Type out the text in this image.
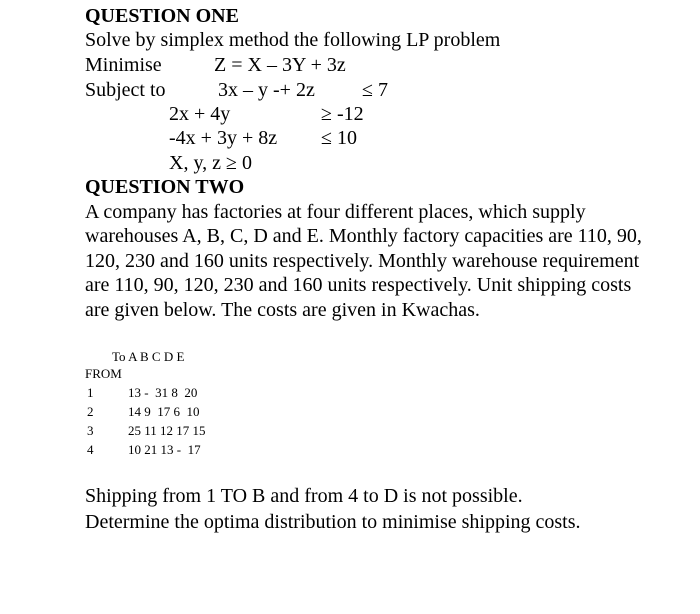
QUESTION ONE
Solve by simplex method the following LP problem
Minimise	Z = X – 3Y + 3z
Subject to	3x – y -+ 2z ≤ 7
2x + 4y	≥ -12
-4x + 3y + 8z ≤ 10
X, y, z ≥ 0
QUESTION TWO
A company has factories at four different places, which supply warehouses A, B, C, D and E. Monthly factory capacities are 110, 90, 120, 230 and 160 units respectively. Monthly warehouse requirement are 110, 90, 120, 230 and 160 units respectively. Unit shipping costs are given below. The costs are given in Kwachas.
To A B C D E
FROM
1	13 -  31 8  20
2	14 9  17 6  10
3	25 11 12 17 15
4	10 21 13 -  17
Shipping from 1 TO B and from 4 to D is not possible.
Determine the optima distribution to minimise shipping costs.
